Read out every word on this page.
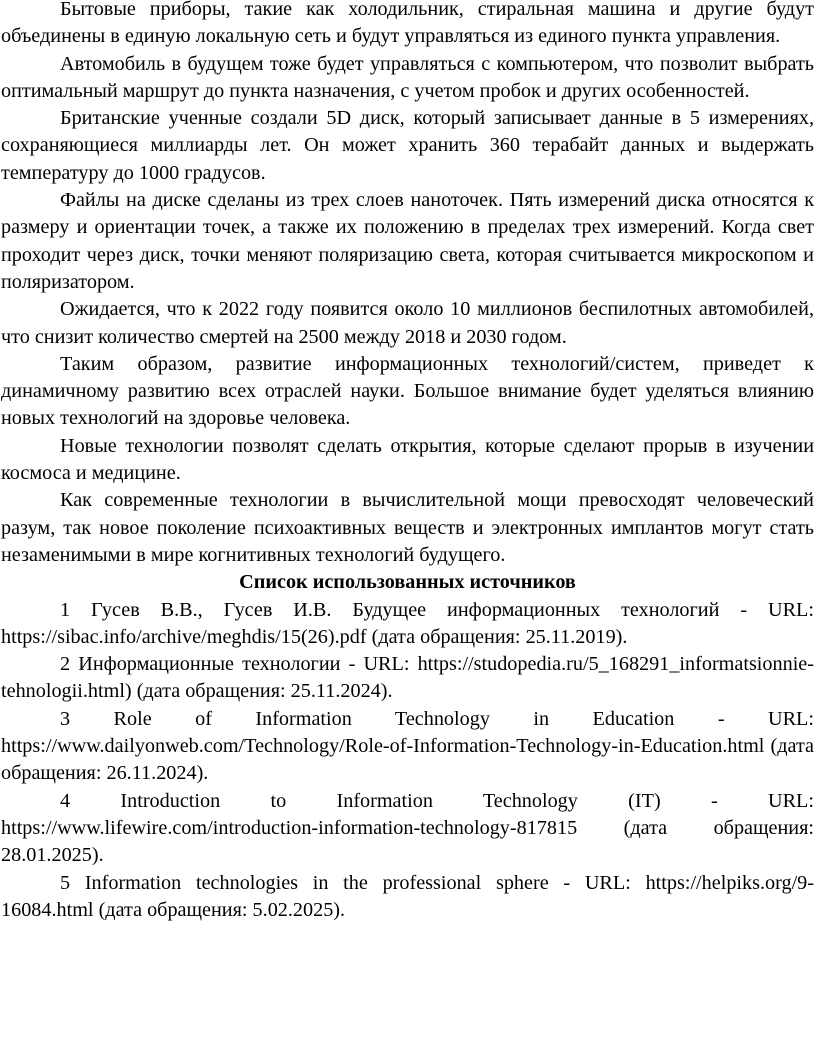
Бытовые приборы, такие как холодильник, стиральная машина и другие будут объединены в единую локальную сеть и будут управляться из единого пункта управления.

Автомобиль в будущем тоже будет управляться с компьютером, что позволит выбрать оптимальный маршрут до пункта назначения, с учетом пробок и других особенностей.

Британские ученные создали 5D диск, который записывает данные в 5 измерениях, сохраняющиеся миллиарды лет. Он может хранить 360 терабайт данных и выдержать температуру до 1000 градусов.

Файлы на диске сделаны из трех слоев наноточек. Пять измерений диска относятся к размеру и ориентации точек, а также их положению в пределах трех измерений. Когда свет проходит через диск, точки меняют поляризацию света, которая считывается микроскопом и поляризатором.

Ожидается, что к 2022 году появится около 10 миллионов беспилотных автомобилей, что снизит количество смертей на 2500 между 2018 и 2030 годом.

Таким образом, развитие информационных технологий/систем, приведет к динамичному развитию всех отраслей науки. Большое внимание будет уделяться влиянию новых технологий на здоровье человека.

Новые технологии позволят сделать открытия, которые сделают прорыв в изучении космоса и медицине.

Как современные технологии в вычислительной мощи превосходят человеческий разум, так новое поколение психоактивных веществ и электронных имплантов могут стать незаменимыми в мире когнитивных технологий будущего.

Список использованных источников

1 Гусев В.В., Гусев И.В. Будущее информационных технологий - URL: https://sibac.info/archive/meghdis/15(26).pdf (дата обращения: 25.11.2019).

2 Информационные технологии - URL: https://studopedia.ru/5_168291_informatsionnie-tehnologii.html) (дата обращения: 25.11.2024).

3 Role of Information Technology in Education - URL: https://www.dailyonweb.com/Technology/Role-of-Information-Technology-in-Education.html (дата обращения: 26.11.2024).

4 Introduction to Information Technology (IT) - URL: https://www.lifewire.com/introduction-information-technology-817815 (дата обращения: 28.01.2025).

5 Information technologies in the professional sphere - URL: https://helpiks.org/9-16084.html (дата обращения: 5.02.2025).
